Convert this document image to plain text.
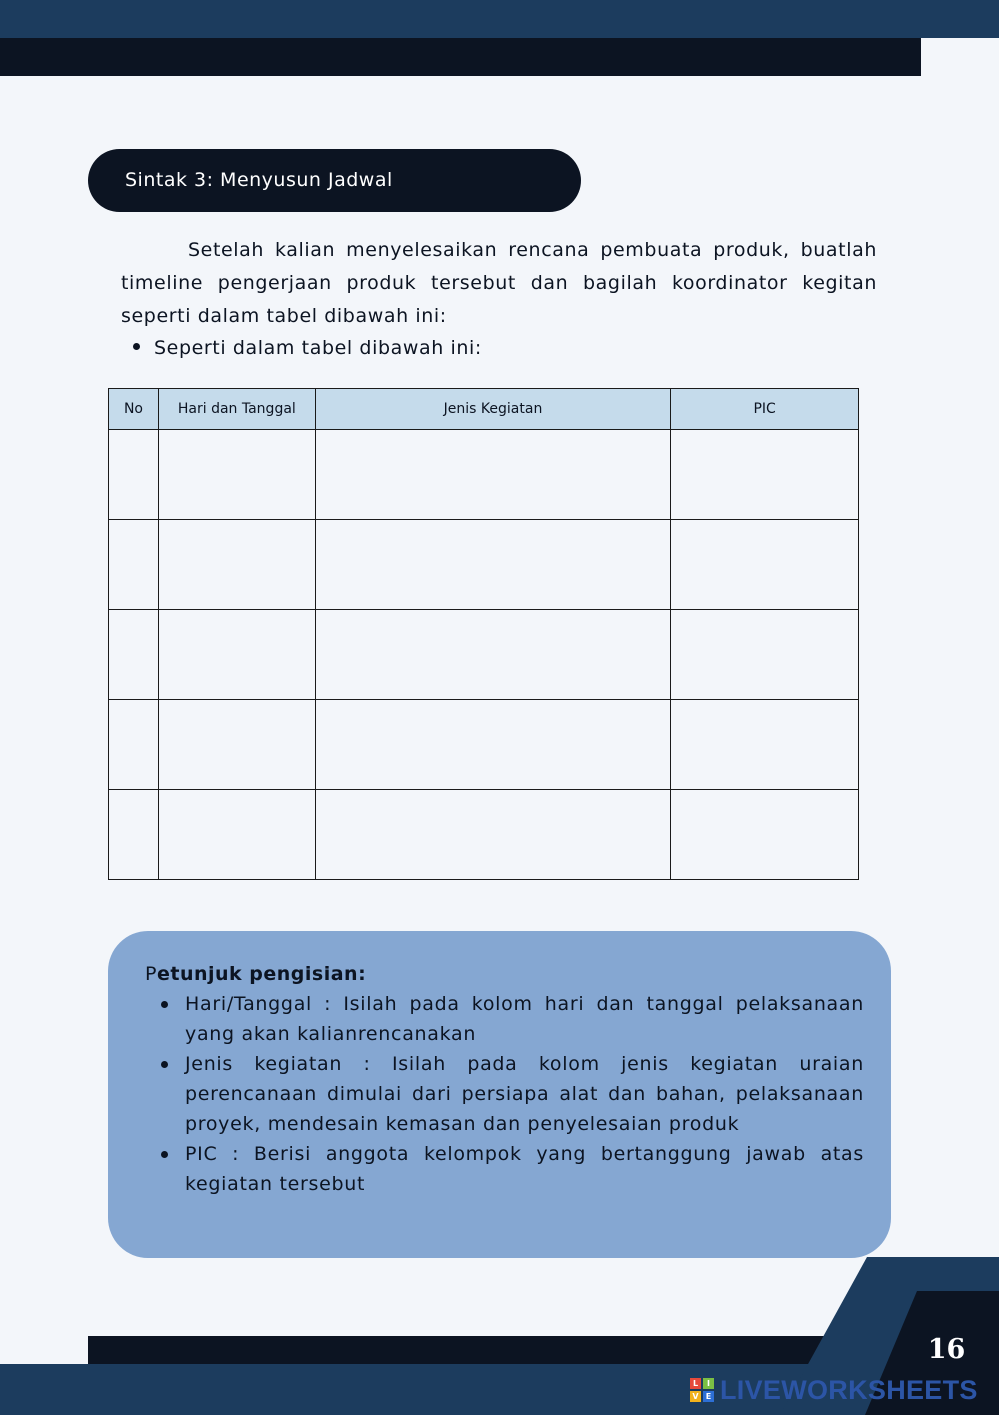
Sintak 3: Menyusun Jadwal

Setelah kalian menyelesaikan rencana pembuata produk, buatlah timeline pengerjaan produk tersebut dan bagilah koordinator kegitan seperti dalam tabel dibawah ini:

Seperti dalam tabel dibawah ini:
No	Hari dan Tanggal	Jenis Kegiatan	PIC

Petunjuk pengisian:
Hari/Tanggal : Isilah pada kolom hari dan tanggal pelaksanaan yang akan kalianrencanakan
Jenis kegiatan : Isilah pada kolom jenis kegiatan uraian perencanaan dimulai dari persiapa alat dan bahan, pelaksanaan proyek, mendesain kemasan dan penyelesaian produk
PIC : Berisi anggota kelompok yang bertanggung jawab atas kegiatan tersebut
16
L	I
V E LIVEWORKSHEETS
